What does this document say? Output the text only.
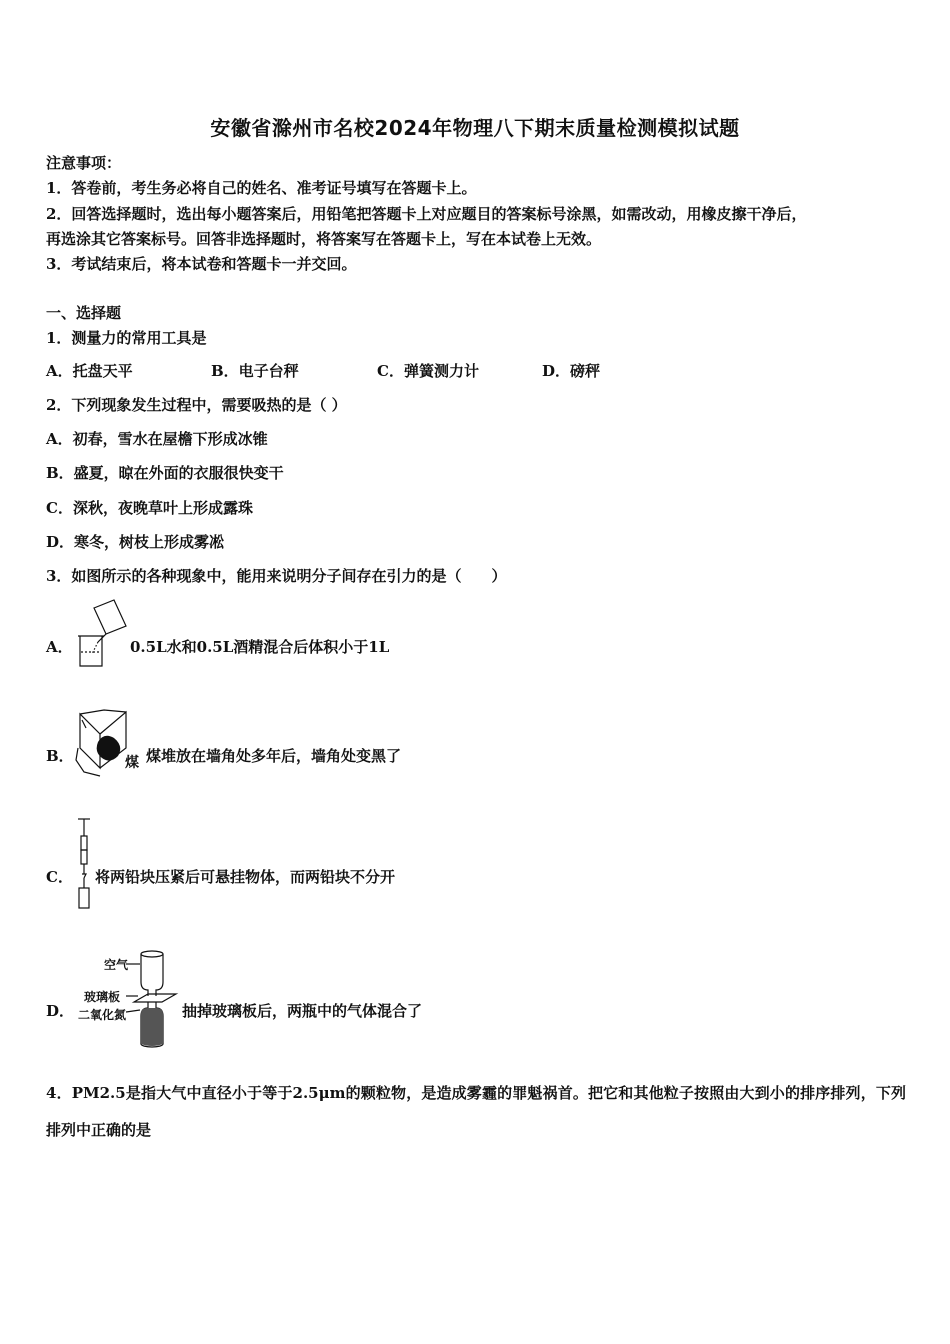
安徽省滁州市名校2024年物理八下期末质量检测模拟试题
注意事项：
1．答卷前，考生务必将自己的姓名、准考证号填写在答题卡上。
2．回答选择题时，选出每小题答案后，用铅笔把答题卡上对应题目的答案标号涂黑，如需改动，用橡皮擦干净后，
再选涂其它答案标号。回答非选择题时，将答案写在答题卡上，写在本试卷上无效。
3．考试结束后，将本试卷和答题卡一并交回。
一、选择题
1．测量力的常用工具是
A．托盘天平	B．电子台秤	C．弹簧测力计	D．磅秤
2．下列现象发生过程中，需要吸热的是（ ）
A．初春，雪水在屋檐下形成冰锥
B．盛夏，晾在外面的衣服很快变干
C．深秋，夜晚草叶上形成露珠
D．寒冬，树枝上形成雾凇
3．如图所示的各种现象中，能用来说明分子间存在引力的是（　　）
A．	0.5L水和0.5L酒精混合后体积小于1L
B．	煤 煤堆放在墙角处多年后，墙角处变黑了
C． 将两铅块压紧后可悬挂物体，而两铅块不分开
D．
空气
玻璃板
二氧化氮	抽掉玻璃板后，两瓶中的气体混合了
4．PM2.5是指大气中直径小于等于2.5μm的颗粒物，是造成雾霾的罪魁祸首。把它和其他粒子按照由大到小的排序排列，下列排列中正确的是
